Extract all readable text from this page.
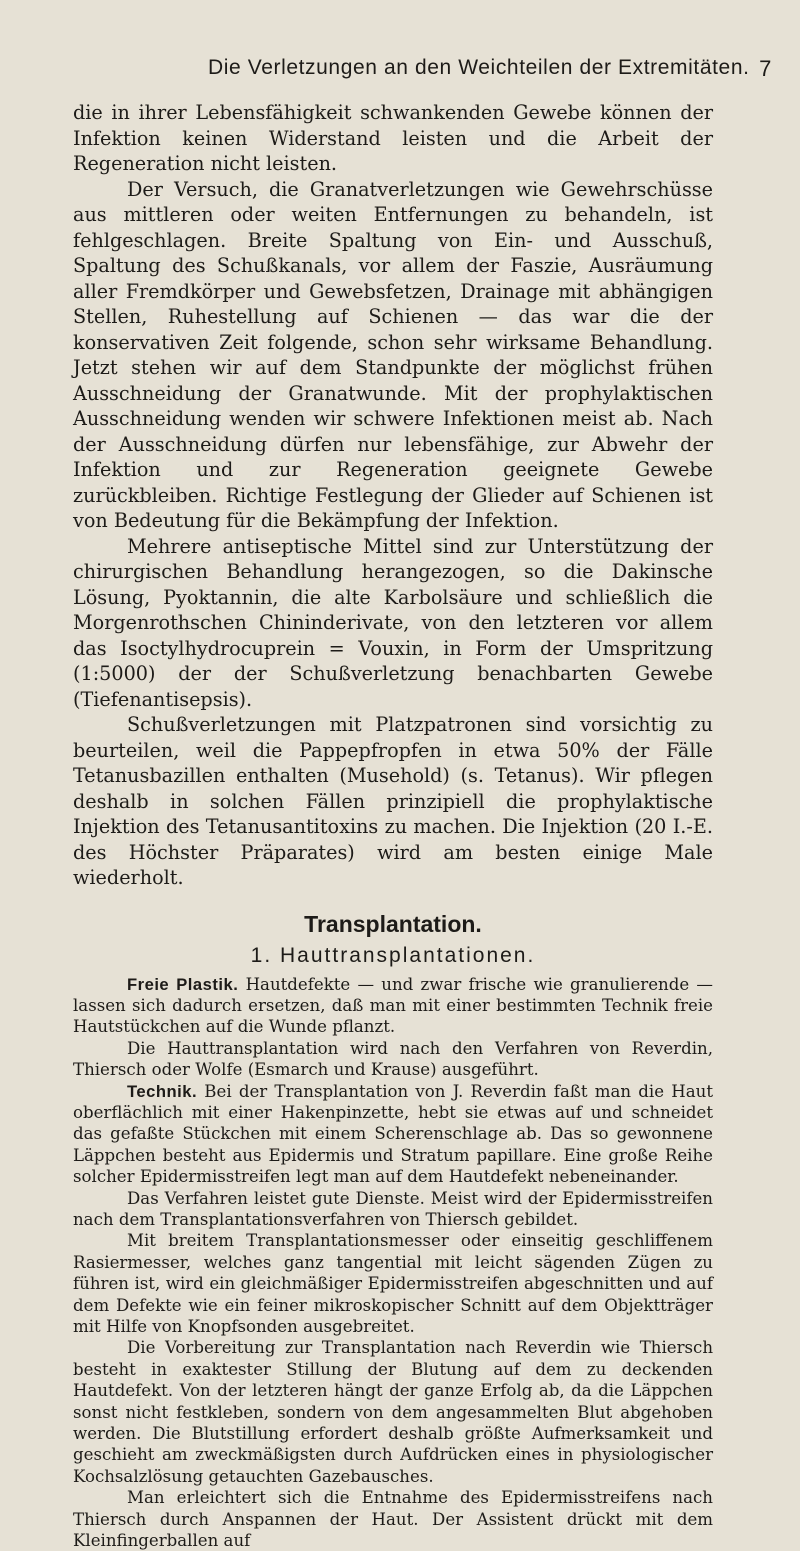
Die Verletzungen an den Weichteilen der Extremitäten. 7

die in ihrer Lebensfähigkeit schwankenden Gewebe können der Infektion keinen Widerstand leisten und die Arbeit der Regeneration nicht leisten.

Der Versuch, die Granatverletzungen wie Gewehrschüsse aus mittleren oder weiten Entfernungen zu behandeln, ist fehlgeschlagen. Breite Spaltung von Ein- und Ausschuß, Spaltung des Schußkanals, vor allem der Faszie, Ausräumung aller Fremdkörper und Gewebsfetzen, Drainage mit abhängigen Stellen, Ruhestellung auf Schienen — das war die der konservativen Zeit folgende, schon sehr wirksame Behandlung. Jetzt stehen wir auf dem Standpunkte der möglichst frühen Ausschneidung der Granatwunde. Mit der prophylaktischen Ausschneidung wenden wir schwere Infektionen meist ab. Nach der Ausschneidung dürfen nur lebensfähige, zur Abwehr der Infektion und zur Regeneration geeignete Gewebe zurückbleiben. Richtige Festlegung der Glieder auf Schienen ist von Bedeutung für die Bekämpfung der Infektion.

Mehrere antiseptische Mittel sind zur Unterstützung der chirurgischen Behandlung herangezogen, so die Dakinsche Lösung, Pyoktannin, die alte Karbolsäure und schließlich die Morgenrothschen Chininderivate, von den letzteren vor allem das Isoctylhydrocuprein = Vouxin, in Form der Umspritzung (1:5000) der der Schußverletzung benachbarten Gewebe (Tiefenantisepsis).

Schußverletzungen mit Platzpatronen sind vorsichtig zu beurteilen, weil die Pappepfropfen in etwa 50% der Fälle Tetanusbazillen enthalten (Musehold) (s. Tetanus). Wir pflegen deshalb in solchen Fällen prinzipiell die prophylaktische Injektion des Tetanusantitoxins zu machen. Die Injektion (20 I.-E. des Höchster Präparates) wird am besten einige Male wiederholt.

Transplantation.
1. Hauttransplantationen.

Freie Plastik. Hautdefekte — und zwar frische wie granulierende — lassen sich dadurch ersetzen, daß man mit einer bestimmten Technik freie Hautstückchen auf die Wunde pflanzt.

Die Hauttransplantation wird nach den Verfahren von Reverdin, Thiersch oder Wolfe (Esmarch und Krause) ausgeführt.

Technik. Bei der Transplantation von J. Reverdin faßt man die Haut oberflächlich mit einer Hakenpinzette, hebt sie etwas auf und schneidet das gefaßte Stückchen mit einem Scherenschlage ab. Das so gewonnene Läppchen besteht aus Epidermis und Stratum papillare. Eine große Reihe solcher Epidermisstreifen legt man auf dem Hautdefekt nebeneinander.

Das Verfahren leistet gute Dienste. Meist wird der Epidermisstreifen nach dem Transplantationsverfahren von Thiersch gebildet.

Mit breitem Transplantationsmesser oder einseitig geschliffenem Rasiermesser, welches ganz tangential mit leicht sägenden Zügen zu führen ist, wird ein gleichmäßiger Epidermisstreifen abgeschnitten und auf dem Defekte wie ein feiner mikroskopischer Schnitt auf dem Objektträger mit Hilfe von Knopfsonden ausgebreitet.

Die Vorbereitung zur Transplantation nach Reverdin wie Thiersch besteht in exaktester Stillung der Blutung auf dem zu deckenden Hautdefekt. Von der letzteren hängt der ganze Erfolg ab, da die Läppchen sonst nicht festkleben, sondern von dem angesammelten Blut abgehoben werden. Die Blutstillung erfordert deshalb größte Aufmerksamkeit und geschieht am zweckmäßigsten durch Aufdrücken eines in physiologischer Kochsalzlösung getauchten Gazebausches.

Man erleichtert sich die Entnahme des Epidermisstreifens nach Thiersch durch Anspannen der Haut. Der Assistent drückt mit dem Kleinfingerballen auf
